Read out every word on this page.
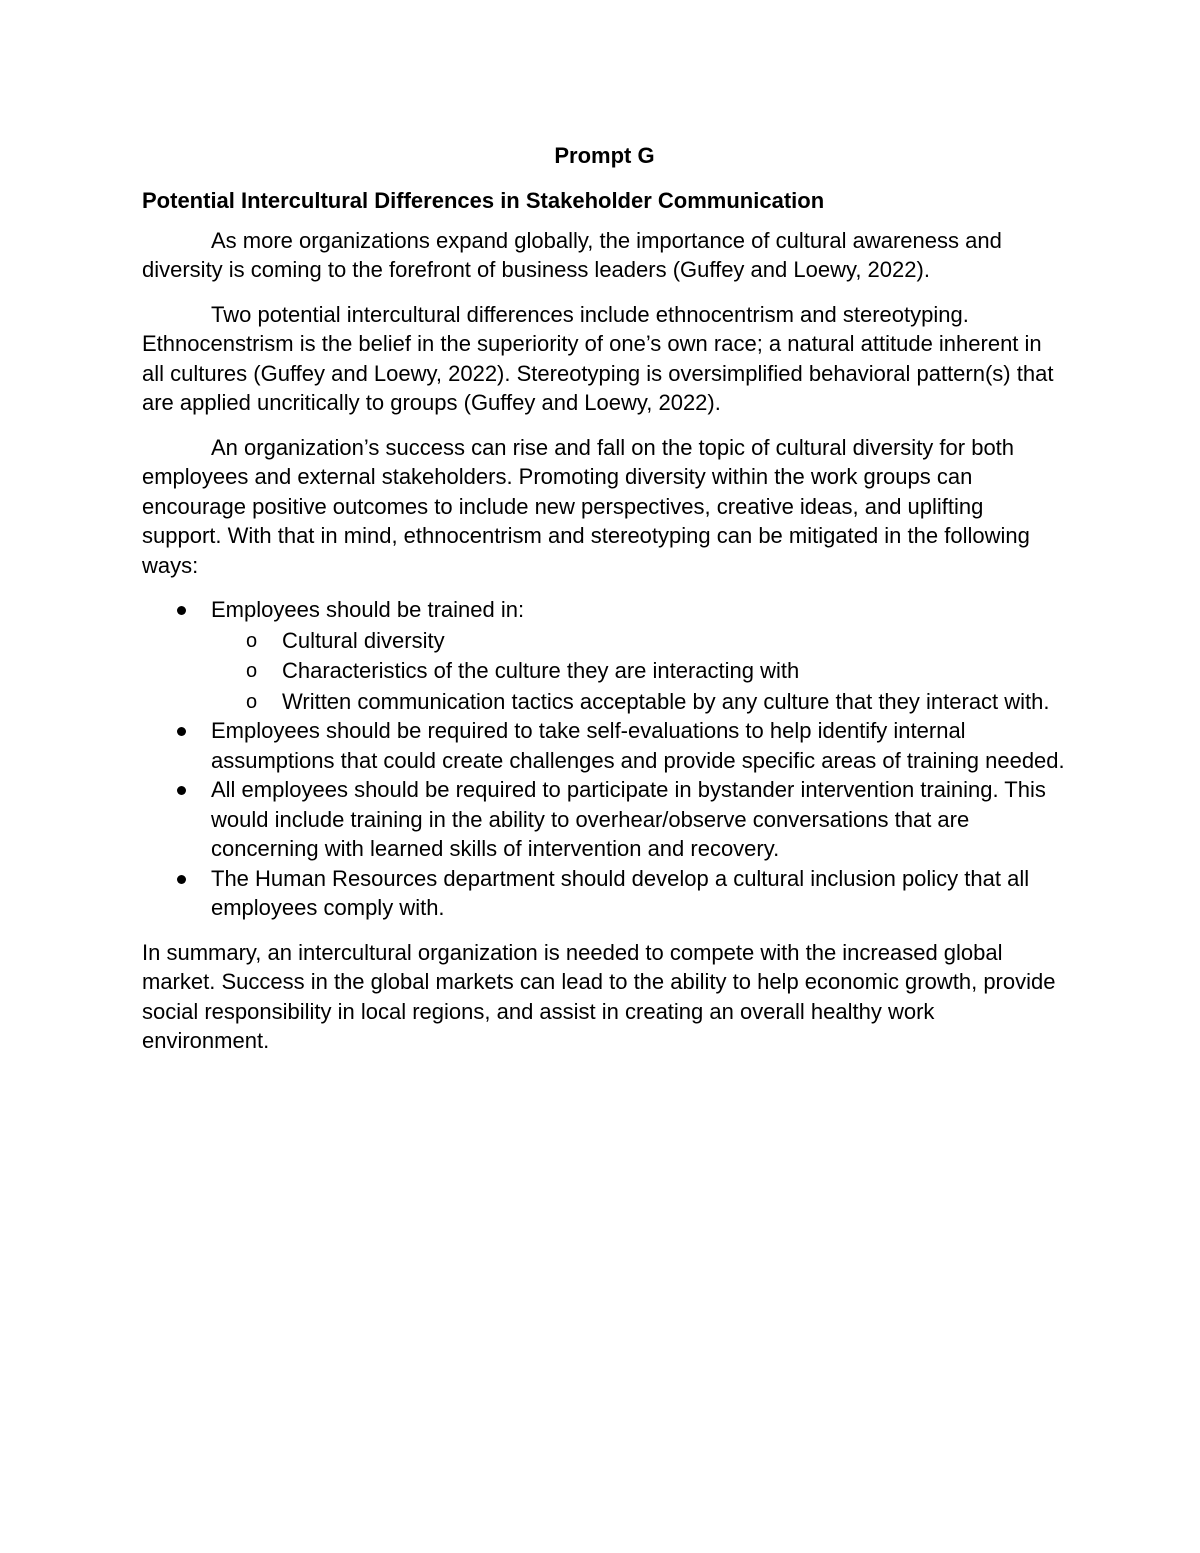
Prompt G
Potential Intercultural Differences in Stakeholder Communication

As more organizations expand globally, the importance of cultural awareness and diversity is coming to the forefront of business leaders (Guffey and Loewy, 2022).

Two potential intercultural differences include ethnocentrism and stereotyping. Ethnocenstrism is the belief in the superiority of one’s own race; a natural attitude inherent in all cultures (Guffey and Loewy, 2022). Stereotyping is oversimplified behavioral pattern(s) that are applied uncritically to groups (Guffey and Loewy, 2022).

An organization’s success can rise and fall on the topic of cultural diversity for both employees and external stakeholders. Promoting diversity within the work groups can encourage positive outcomes to include new perspectives, creative ideas, and uplifting support. With that in mind, ethnocentrism and stereotyping can be mitigated in the following ways:

Employees should be trained in:
o Cultural diversity
o Characteristics of the culture they are interacting with
o Written communication tactics acceptable by any culture that they interact with.
Employees should be required to take self-evaluations to help identify internal assumptions that could create challenges and provide specific areas of training needed.
All employees should be required to participate in bystander intervention training. This would include training in the ability to overhear/observe conversations that are concerning with learned skills of intervention and recovery.
The Human Resources department should develop a cultural inclusion policy that all employees comply with.

In summary, an intercultural organization is needed to compete with the increased global market. Success in the global markets can lead to the ability to help economic growth, provide social responsibility in local regions, and assist in creating an overall healthy work environment.
